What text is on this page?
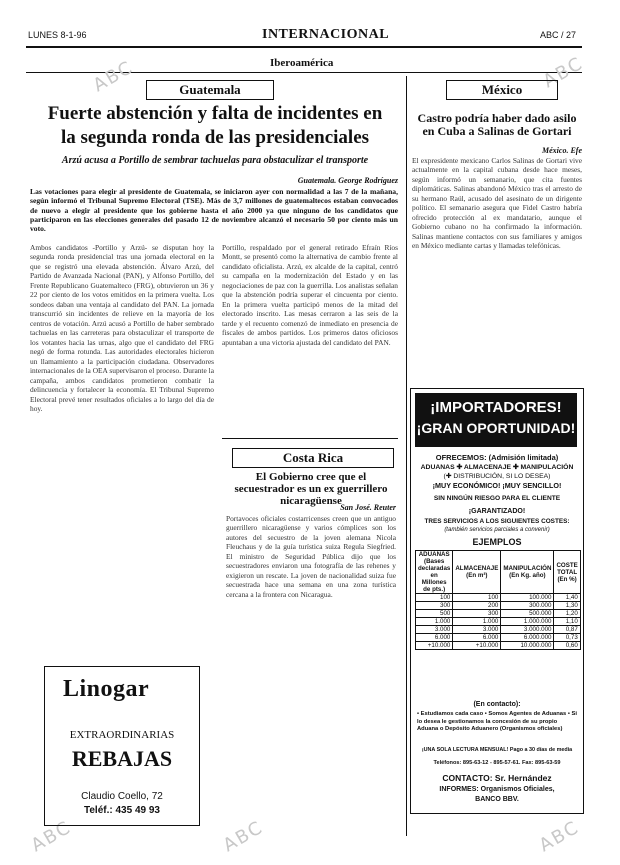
LUNES 8-1-96	INTERNACIONAL	ABC / 27
Iberoamérica
ABC	ABC
ABC	ABC	ABC
Guatemala
Fuerte abstención y falta de incidentes en
la segunda ronda de las presidenciales
Arzú acusa a Portillo de sembrar tachuelas para obstaculizar el transporte
Guatemala. George Rodríguez
Las votaciones para elegir al presidente de Guatemala, se iniciaron ayer con normalidad a las 7 de la mañana, según informó el Tribunal Supremo Electoral (TSE). Más de 3,7 millones de guatemaltecos estaban convocados de nuevo a elegir al presidente que los gobierne hasta el año 2000 ya que ninguno de los candidatos que participaron en las elecciones generales del pasado 12 de noviembre alcanzó el necesario 50 por ciento más un voto.
Ambos candidatos -Portillo y Arzú- se disputan hoy la segunda ronda presidencial tras una jornada electoral en la que se registró una elevada abstención. Álvaro Arzú, del Partido de Avanzada Nacional (PAN), y Alfonso Portillo, del Frente Republicano Guatemalteco (FRG), obtuvieron un 36 y 22 por ciento de los votos emitidos en la primera vuelta. Los sondeos daban una ventaja al candidato del PAN. La jornada transcurrió sin incidentes de relieve en la mayoría de los centros de votación. Arzú acusó a Portillo de haber sembrado tachuelas en las carreteras para obstaculizar el transporte de los votantes hacia las urnas, algo que el candidato del FRG negó de forma rotunda. Las autoridades electorales hicieron un llamamiento a la participación ciudadana. Observadores internacionales de la OEA supervisaron el proceso. Durante la campaña, ambos candidatos prometieron combatir la delincuencia y fortalecer la economía. El Tribunal Supremo Electoral prevé tener resultados oficiales a lo largo del día de hoy.
Portillo, respaldado por el general retirado Efraín Ríos Montt, se presentó como la alternativa de cambio frente al candidato oficialista. Arzú, ex alcalde de la capital, centró su campaña en la modernización del Estado y en las negociaciones de paz con la guerrilla. Los analistas señalan que la abstención podría superar el cincuenta por ciento. En la primera vuelta participó menos de la mitad del electorado inscrito. Las mesas cerraron a las seis de la tarde y el recuento comenzó de inmediato en presencia de fiscales de ambos partidos. Los primeros datos oficiosos apuntaban a una victoria ajustada del candidato del PAN.
Costa Rica
El Gobierno cree que el secuestrador es un ex guerrillero nicaragüense
San José. Reuter
Portavoces oficiales costarricenses creen que un antiguo guerrillero nicaragüense y varios cómplices son los autores del secuestro de la joven alemana Nicola Fleuchaus y de la guía turística suiza Regula Siegfried. El ministro de Seguridad Pública dijo que los secuestradores enviaron una fotografía de las rehenes y exigieron un rescate. La joven de nacionalidad suiza fue secuestrada hace una semana en una zona turística cercana a la frontera con Nicaragua.
México
Castro podría haber dado asilo en Cuba a Salinas de Gortari
México. Efe
El expresidente mexicano Carlos Salinas de Gortari vive actualmente en la capital cubana desde hace meses, según informó un semanario, que cita fuentes diplomáticas. Salinas abandonó México tras el arresto de su hermano Raúl, acusado del asesinato de un dirigente político. El semanario asegura que Fidel Castro habría ofrecido protección al ex mandatario, aunque el Gobierno cubano no ha confirmado la información. Salinas mantiene contactos con sus familiares y amigos en México mediante cartas y llamadas telefónicas.
Linogar
EXTRAORDINARIAS
REBAJAS
Claudio Coello, 72
Teléf.: 435 49 93
¡IMPORTADORES!
¡GRAN OPORTUNIDAD!
OFRECEMOS: (Admisión limitada)
ADUANAS ✚ ALMACENAJE ✚ MANIPULACIÓN
(✚ DISTRIBUCIÓN, SI LO DESEA)
¡MUY ECONÓMICO! ¡MUY SENCILLO!
SIN NINGÚN RIESGO PARA EL CLIENTE
¡GARANTIZADO!
TRES SERVICIOS A LOS SIGUIENTES COSTES:
(también servicios parciales a convenir)
EJEMPLOS
ADUANAS (Bases declaradas en Millones de pts.)	ALMACENAJE (En m³)	MANIPULACIÓN (En Kg. año)	COSTE TOTAL (En %)
100	100	100.000	1,40
300	200	300.000	1,30
500	300	500.000	1,20
1.000	1.000	1.000.000	1,10
3.000	3.000	3.000.000	0,87
6.000	6.000	6.000.000	0,73
+10.000	+10.000	10.000.000	0,60
(En contacto):
• Estudiamos cada caso • Somos Agentes de Aduanas • Si lo desea le gestionamos la concesión de su propio Aduana o Depósito Aduanero (Organismos oficiales)
¡UNA SOLA LECTURA MENSUAL! Pago a 30 días de media
Teléfonos: 895-63-12 - 895-57-61. Fax: 895-63-59
CONTACTO: Sr. Hernández
INFORMES: Organismos Oficiales,
BANCO BBV.
